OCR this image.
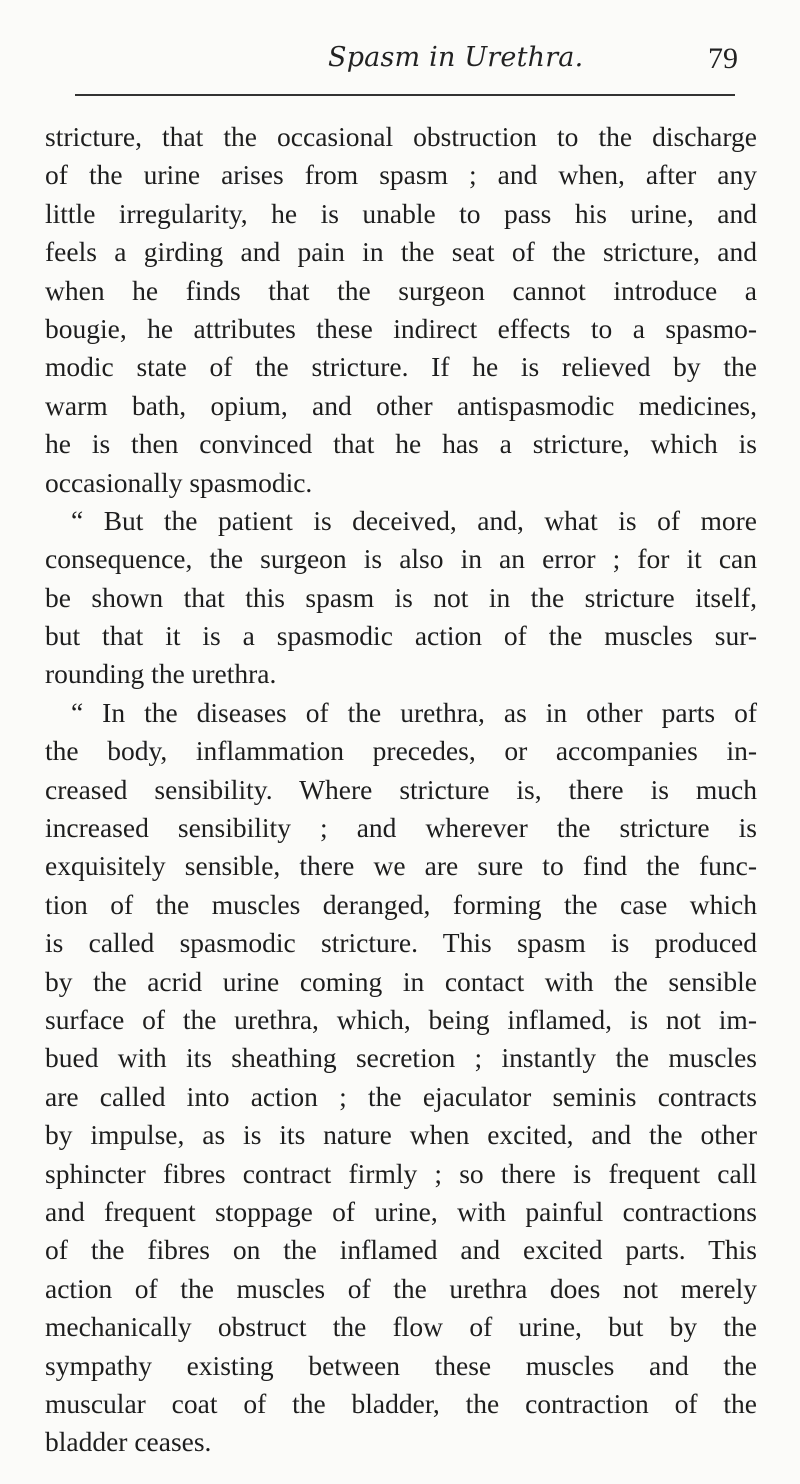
Spasm in Urethra.	79
stricture, that the occasional obstruction to the discharge
of the urine arises from spasm ; and when, after any
little irregularity, he is unable to pass his urine, and
feels a girding and pain in the seat of the stricture, and
when he finds that the surgeon cannot introduce a
bougie, he attributes these indirect effects to a spasmo-
modic state of the stricture. If he is relieved by the
warm bath, opium, and other antispasmodic medicines,
he is then convinced that he has a stricture, which is
occasionally spasmodic.
“ But the patient is deceived, and, what is of more
consequence, the surgeon is also in an error ; for it can
be shown that this spasm is not in the stricture itself,
but that it is a spasmodic action of the muscles sur-
rounding the urethra.
“ In the diseases of the urethra, as in other parts of
the body, inflammation precedes, or accompanies in-
creased sensibility. Where stricture is, there is much
increased sensibility ; and wherever the stricture is
exquisitely sensible, there we are sure to find the func-
tion of the muscles deranged, forming the case which
is called spasmodic stricture. This spasm is produced
by the acrid urine coming in contact with the sensible
surface of the urethra, which, being inflamed, is not im-
bued with its sheathing secretion ; instantly the muscles
are called into action ; the ejaculator seminis contracts
by impulse, as is its nature when excited, and the other
sphincter fibres contract firmly ; so there is frequent call
and frequent stoppage of urine, with painful contractions
of the fibres on the inflamed and excited parts. This
action of the muscles of the urethra does not merely
mechanically obstruct the flow of urine, but by the
sympathy existing between these muscles and the
muscular coat of the bladder, the contraction of the
bladder ceases.
